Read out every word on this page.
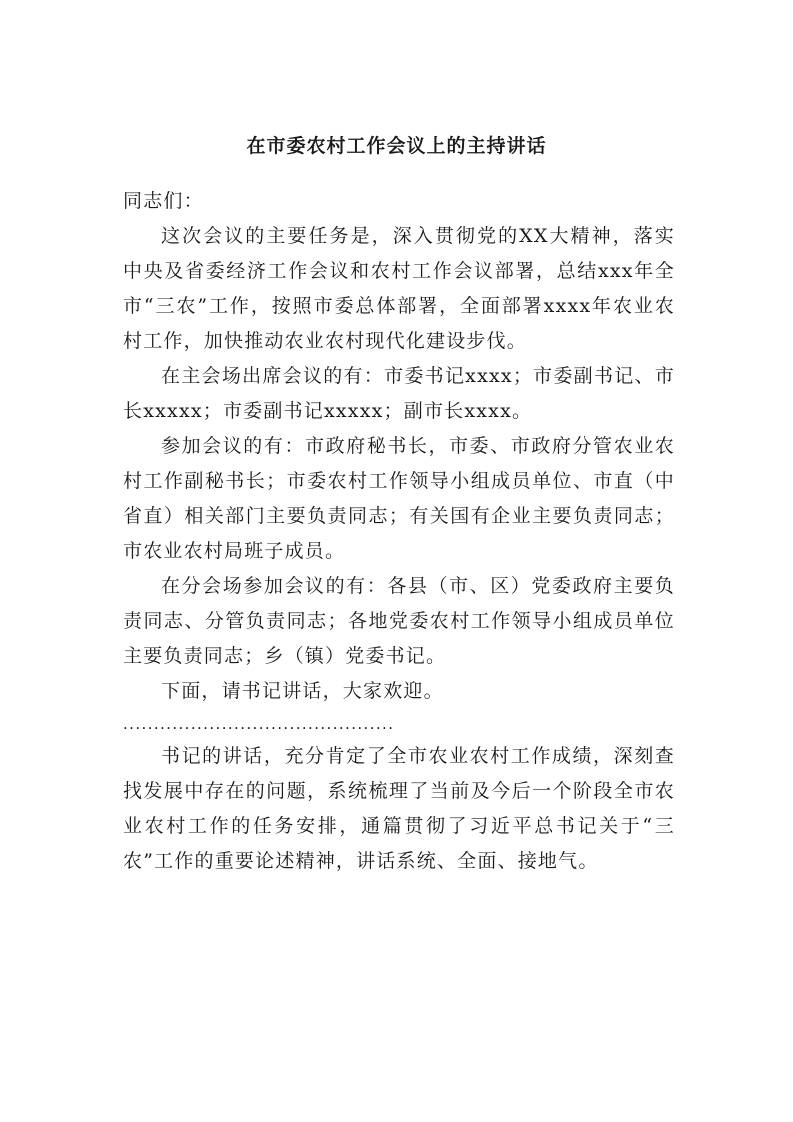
在市委农村工作会议上的主持讲话

同志们：

这次会议的主要任务是，深入贯彻党的XX大精神，落实中央及省委经济工作会议和农村工作会议部署，总结xxx年全市“三农”工作，按照市委总体部署，全面部署xxxx年农业农村工作，加快推动农业农村现代化建设步伐。

在主会场出席会议的有：市委书记xxxx；市委副书记、市长xxxxx；市委副书记xxxxx；副市长xxxx。

参加会议的有：市政府秘书长，市委、市政府分管农业农村工作副秘书长；市委农村工作领导小组成员单位、市直（中省直）相关部门主要负责同志；有关国有企业主要负责同志；市农业农村局班子成员。

在分会场参加会议的有：各县（市、区）党委政府主要负责同志、分管负责同志；各地党委农村工作领导小组成员单位主要负责同志；乡（镇）党委书记。

下面，请书记讲话，大家欢迎。

............................................

书记的讲话，充分肯定了全市农业农村工作成绩，深刻查找发展中存在的问题，系统梳理了当前及今后一个阶段全市农业农村工作的任务安排，通篇贯彻了习近平总书记关于“三农”工作的重要论述精神，讲话系统、全面、接地气。
